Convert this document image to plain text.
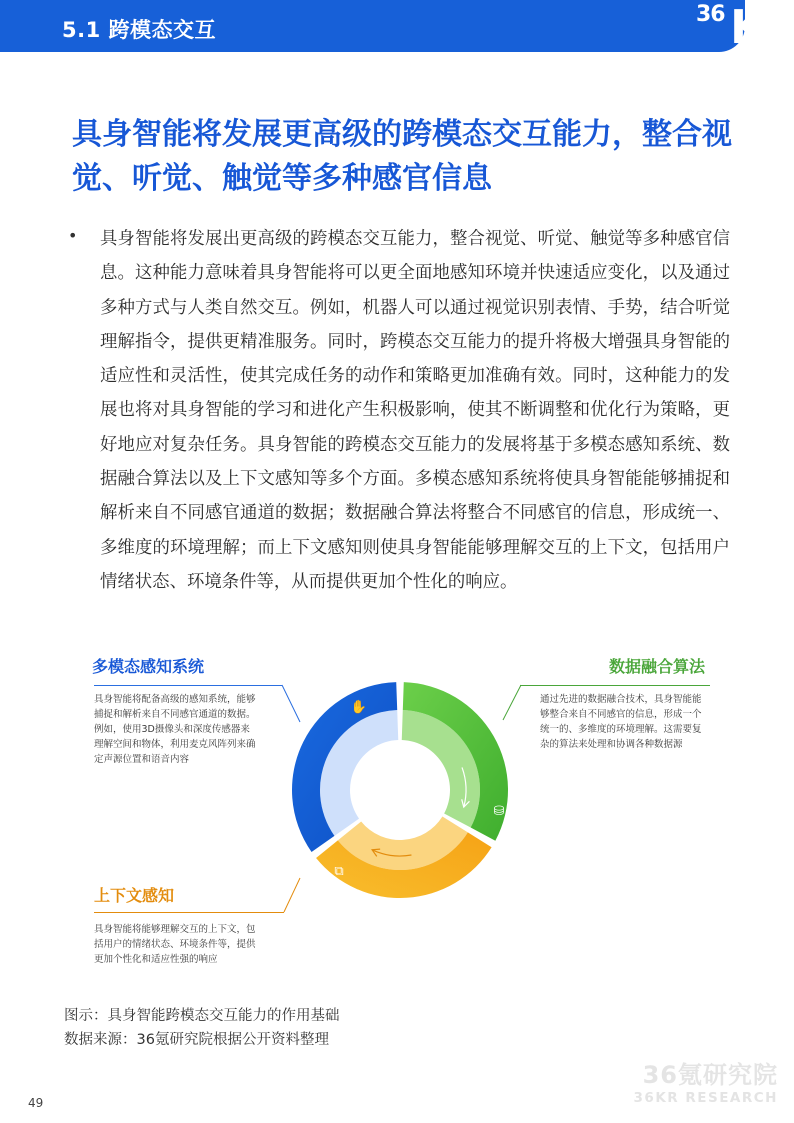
5.1 跨模态交互
36 Kr
具身智能将发展更高级的跨模态交互能力，整合视觉、听觉、触觉等多种感官信息
• 具身智能将发展出更高级的跨模态交互能力，整合视觉、听觉、触觉等多种感官信息。这种能力意味着具身智能将可以更全面地感知环境并快速适应变化，以及通过多种方式与人类自然交互。例如，机器人可以通过视觉识别表情、手势，结合听觉理解指令，提供更精准服务。同时，跨模态交互能力的提升将极大增强具身智能的适应性和灵活性，使其完成任务的动作和策略更加准确有效。同时，这种能力的发展也将对具身智能的学习和进化产生积极影响，使其不断调整和优化行为策略，更好地应对复杂任务。具身智能的跨模态交互能力的发展将基于多模态感知系统、数据融合算法以及上下文感知等多个方面。多模态感知系统将使具身智能能够捕捉和解析来自不同感官通道的数据；数据融合算法将整合不同感官的信息，形成统一、多维度的环境理解；而上下文感知则使具身智能能够理解交互的上下文，包括用户情绪状态、环境条件等，从而提供更加个性化的响应。
多模态感知系统	数据融合算法
上下文感知
具身智能将配备高级的感知系统，能够捕捉和解析来自不同感官通道的数据。例如，使用3D摄像头和深度传感器来理解空间和物体，利用麦克风阵列来确定声源位置和语音内容
通过先进的数据融合技术，具身智能能够整合来自不同感官的信息，形成一个统一的、多维度的环境理解。这需要复杂的算法来处理和协调各种数据源
具身智能将能够理解交互的上下文，包括用户的情绪状态、环境条件等，提供更加个性化和适应性强的响应
✋
⛁
⧉
图示：具身智能跨模态交互能力的作用基础
数据来源：36氪研究院根据公开资料整理
36氪研究院
36KR RESEARCH
49
